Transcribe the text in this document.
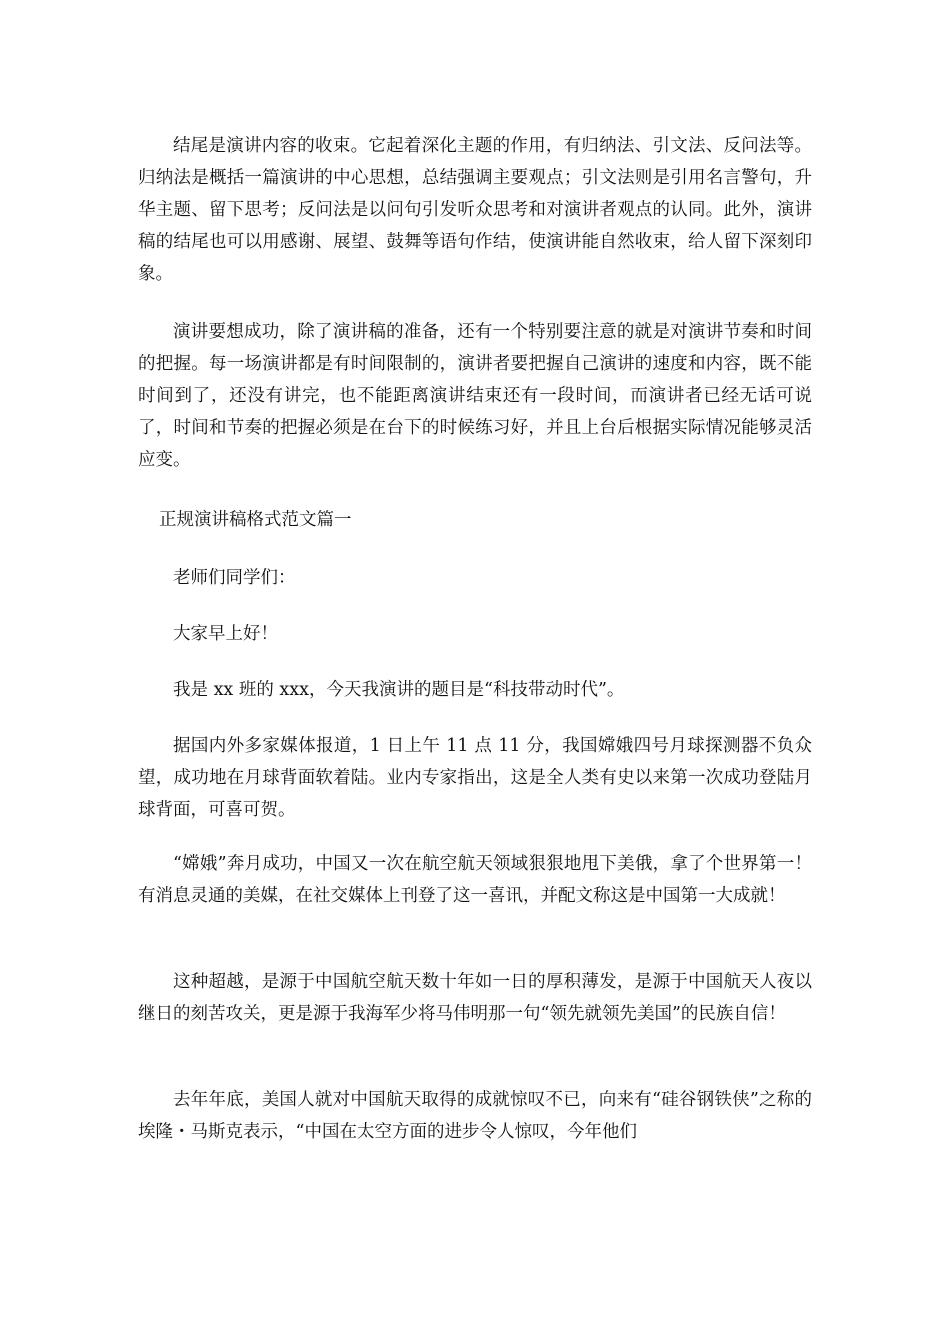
结尾是演讲内容的收束。它起着深化主题的作用，有归纳法、引文法、反问法等。归纳法是概括一篇演讲的中心思想，总结强调主要观点；引文法则是引用名言警句，升华主题、留下思考；反问法是以问句引发听众思考和对演讲者观点的认同。此外，演讲稿的结尾也可以用感谢、展望、鼓舞等语句作结，使演讲能自然收束，给人留下深刻印象。

演讲要想成功，除了演讲稿的准备，还有一个特别要注意的就是对演讲节奏和时间的把握。每一场演讲都是有时间限制的，演讲者要把握自己演讲的速度和内容，既不能时间到了，还没有讲完，也不能距离演讲结束还有一段时间，而演讲者已经无话可说了，时间和节奏的把握必须是在台下的时候练习好，并且上台后根据实际情况能够灵活应变。

正规演讲稿格式范文篇一

老师们同学们：

大家早上好！

我是 xx 班的 xxx，今天我演讲的题目是“科技带动时代”。

据国内外多家媒体报道，1 日上午 11 点 11 分，我国嫦娥四号月球探测器不负众望，成功地在月球背面软着陆。业内专家指出，这是全人类有史以来第一次成功登陆月球背面，可喜可贺。

“嫦娥”奔月成功，中国又一次在航空航天领域狠狠地甩下美俄，拿了个世界第一！有消息灵通的美媒，在社交媒体上刊登了这一喜讯，并配文称这是中国第一大成就！

这种超越，是源于中国航空航天数十年如一日的厚积薄发，是源于中国航天人夜以继日的刻苦攻关，更是源于我海军少将马伟明那一句“领先就领先美国”的民族自信！

去年年底，美国人就对中国航天取得的成就惊叹不已，向来有“硅谷钢铁侠”之称的埃隆・马斯克表示，“中国在太空方面的进步令人惊叹，今年他们
